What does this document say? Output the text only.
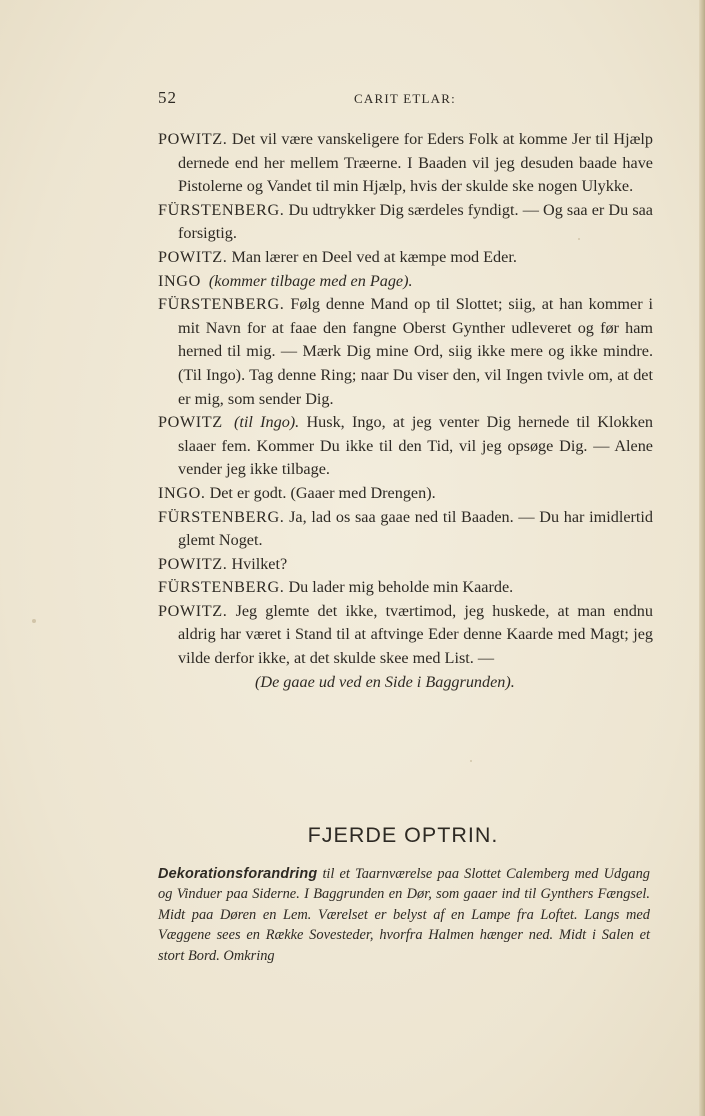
52	CARIT ETLAR:

POWITZ. Det vil være vanskeligere for Eders Folk at komme Jer til Hjælp dernede end her mellem Træerne. I Baaden vil jeg desuden baade have Pistolerne og Vandet til min Hjælp, hvis der skulde ske nogen Ulykke.

FÜRSTENBERG. Du udtrykker Dig særdeles fyndigt. — Og saa er Du saa forsigtig.

POWITZ. Man lærer en Deel ved at kæmpe mod Eder.

INGO (kommer tilbage med en Page).

FÜRSTENBERG. Følg denne Mand op til Slottet; siig, at han kommer i mit Navn for at faae den fangne Oberst Gynther udleveret og før ham herned til mig. — Mærk Dig mine Ord, siig ikke mere og ikke mindre. (Til Ingo). Tag denne Ring; naar Du viser den, vil Ingen tvivle om, at det er mig, som sender Dig.

POWITZ (til Ingo). Husk, Ingo, at jeg venter Dig hernede til Klokken slaaer fem. Kommer Du ikke til den Tid, vil jeg opsøge Dig. — Alene vender jeg ikke tilbage.

INGO. Det er godt. (Gaaer med Drengen).

FÜRSTENBERG. Ja, lad os saa gaae ned til Baaden. — Du har imidlertid glemt Noget.

POWITZ. Hvilket?

FÜRSTENBERG. Du lader mig beholde min Kaarde.

POWITZ. Jeg glemte det ikke, tværtimod, jeg huskede, at man endnu aldrig har været i Stand til at aftvinge Eder denne Kaarde med Magt; jeg vilde derfor ikke, at det skulde skee med List. —

(De gaae ud ved en Side i Baggrunden).

FJERDE OPTRIN.

Dekorationsforandring til et Taarnværelse paa Slottet Calemberg med Udgang og Vinduer paa Siderne. I Baggrunden en Dør, som gaaer ind til Gynthers Fængsel. Midt paa Døren en Lem. Værelset er belyst af en Lampe fra Loftet. Langs med Væggene sees en Række Sovesteder, hvorfra Halmen hænger ned. Midt i Salen et stort Bord. Omkring
